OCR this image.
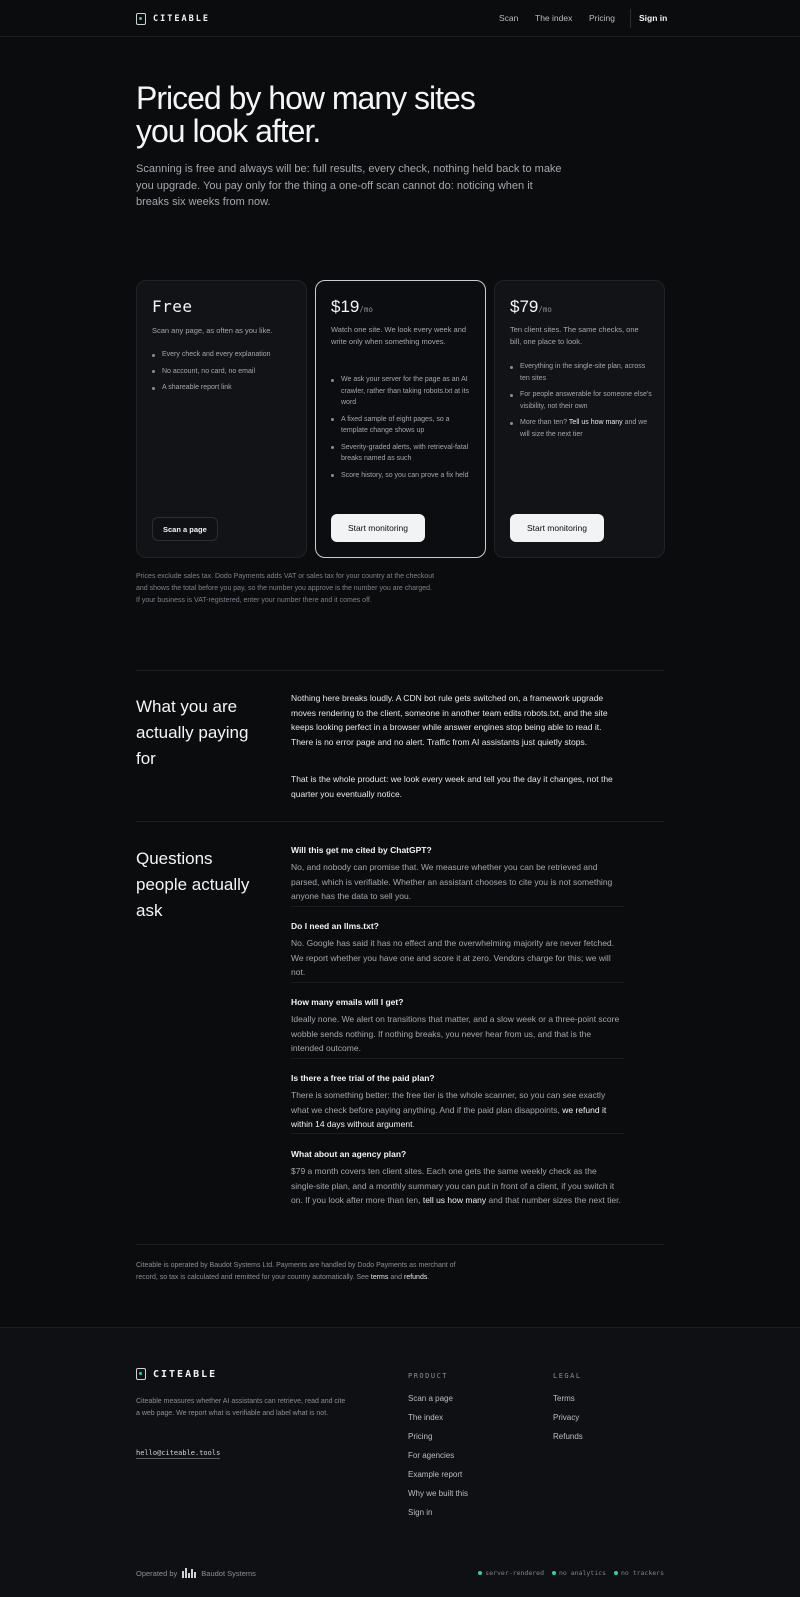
CITEABLE	Scan The index Pricing	Sign in
Priced by how many sites you look after.

Scanning is free and always will be: full results, every check, nothing held back to make you upgrade. You pay only for the thing a one-off scan cannot do: noticing when it breaks six weeks from now.

Free
Scan any page, as often as you like.
Every check and every explanation
No account, no card, no email
A shareable report link
Scan a page
$19/mo
Watch one site. We look every week and write only when something moves.
We ask your server for the page as an AI crawler, rather than taking robots.txt at its word
A fixed sample of eight pages, so a template change shows up
Severity-graded alerts, with retrieval-fatal breaks named as such
Score history, so you can prove a fix held
Start monitoring
$79/mo
Ten client sites. The same checks, one bill, one place to look.
Everything in the single-site plan, across ten sites
For people answerable for someone else's visibility, not their own
More than ten? Tell us how many and we will size the next tier
Start monitoring

Prices exclude sales tax. Dodo Payments adds VAT or sales tax for your country at the checkout and shows the total before you pay, so the number you approve is the number you are charged. If your business is VAT-registered, enter your number there and it comes off.

What you are actually paying for

Nothing here breaks loudly. A CDN bot rule gets switched on, a framework upgrade moves rendering to the client, someone in another team edits robots.txt, and the site keeps looking perfect in a browser while answer engines stop being able to read it. There is no error page and no alert. Traffic from AI assistants just quietly stops.

That is the whole product: we look every week and tell you the day it changes, not the quarter you eventually notice.

Questions people actually ask
Will this get me cited by ChatGPT?
No, and nobody can promise that. We measure whether you can be retrieved and parsed, which is verifiable. Whether an assistant chooses to cite you is not something anyone has the data to sell you.
Do I need an llms.txt?
No. Google has said it has no effect and the overwhelming majority are never fetched. We report whether you have one and score it at zero. Vendors charge for this; we will not.
How many emails will I get?
Ideally none. We alert on transitions that matter, and a slow week or a three-point score wobble sends nothing. If nothing breaks, you never hear from us, and that is the intended outcome.
Is there a free trial of the paid plan?
There is something better: the free tier is the whole scanner, so you can see exactly what we check before paying anything. And if the paid plan disappoints, we refund it within 14 days without argument.
What about an agency plan?
$79 a month covers ten client sites. Each one gets the same weekly check as the single-site plan, and a monthly summary you can put in front of a client, if you switch it on. If you look after more than ten, tell us how many and that number sizes the next tier.

Citeable is operated by Baudot Systems Ltd. Payments are handled by Dodo Payments as merchant of record, so tax is calculated and remitted for your country automatically. See terms and refunds.

CITEABLE

Citeable measures whether AI assistants can retrieve, read and cite a web page. We report what is verifiable and label what is not.

hello@citeable.tools
PRODUCT
Scan a page
The index
Pricing
For agencies
Example report
Why we built this
Sign in
LEGAL
Terms
Privacy
Refunds
Operated by	Baudot Systems	server-rendered no analytics no trackers
